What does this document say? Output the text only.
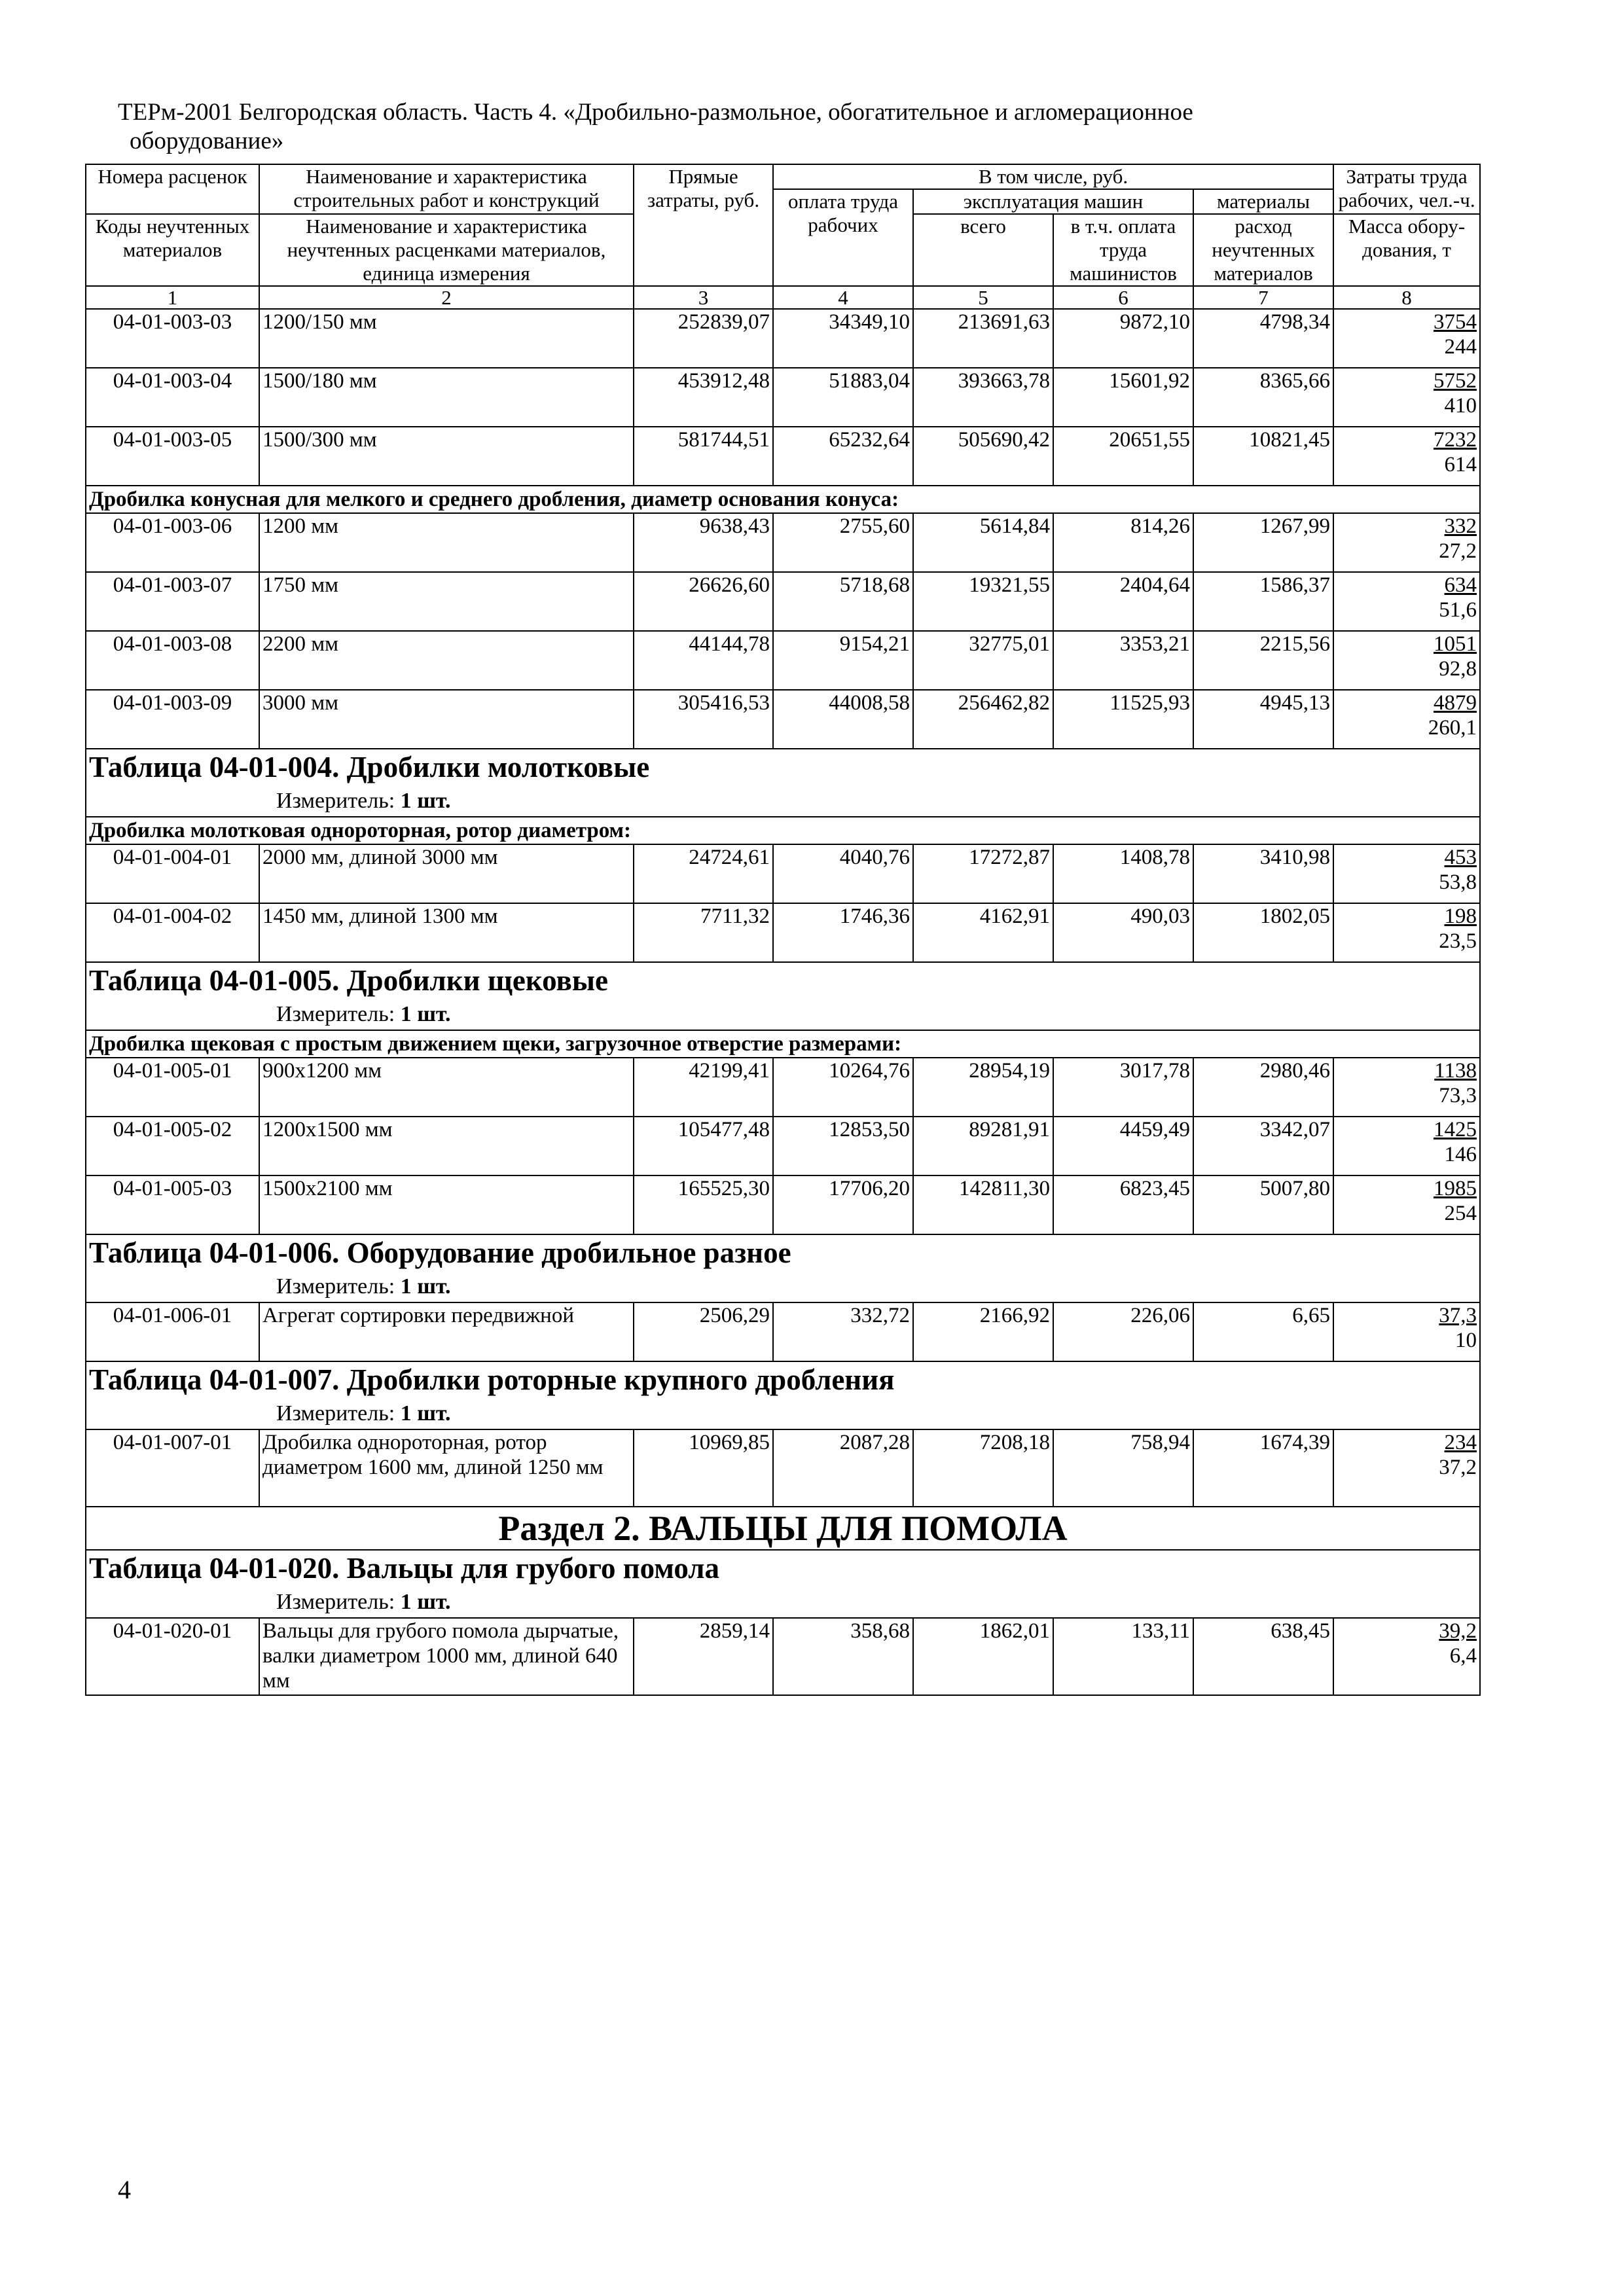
ТЕРм-2001 Белгородская область. Часть 4. «Дробильно-размольное, обогатительное и агломерационное
оборудование»
Номера расценок	Наименование и характеристика строительных работ и конструкций	Прямые затраты, руб.	В том числе, руб.				Затраты труда рабочих, чел.-ч.
			оплата труда рабочих	эксплуатация машин		материалы	
				всего	в т.ч. оплата труда машинистов	расход неучтенных материалов	
Коды неучтенных материалов	Наименование и характеристика неучтенных расценками материалов, единица измерения						
							Масса обору-дования, т
1	2	3	4	5	6	7	8
04-01-003-03	1200/150 мм	252839,07	34349,10	213691,63	9872,10	4798,34	3754
244

04-01-003-04	1500/180 мм	453912,48	51883,04	393663,78	15601,92	8365,66	5752
410

04-01-003-05	1500/300 мм	581744,51	65232,64	505690,42	20651,55	10821,45	7232
614

Дробилка конусная для мелкого и среднего дробления, диаметр основания конуса:							
04-01-003-06	1200 мм	9638,43	2755,60	5614,84	814,26	1267,99	332
27,2

04-01-003-07	1750 мм	26626,60	5718,68	19321,55	2404,64	1586,37	634
51,6

04-01-003-08	2200 мм	44144,78	9154,21	32775,01	3353,21	2215,56	1051
92,8

04-01-003-09	3000 мм	305416,53	44008,58	256462,82	11525,93	4945,13	4879
260,1

Таблица 04-01-004. Дробилки молотковые
Измеритель: 1 шт.							

Дробилка молотковая однороторная, ротор диаметром:							
04-01-004-01	2000 мм, длиной 3000 мм	24724,61	4040,76	17272,87	1408,78	3410,98	453
53,8

04-01-004-02	1450 мм, длиной 1300 мм	7711,32	1746,36	4162,91	490,03	1802,05	198
23,5

Таблица 04-01-005. Дробилки щековые
Измеритель: 1 шт.							

Дробилка щековая с простым движением щеки, загрузочное отверстие размерами:							
04-01-005-01	900х1200 мм	42199,41	10264,76	28954,19	3017,78	2980,46	1138
73,3

04-01-005-02	1200х1500 мм	105477,48	12853,50	89281,91	4459,49	3342,07	1425
146

04-01-005-03	1500х2100 мм	165525,30	17706,20	142811,30	6823,45	5007,80	1985
254

Таблица 04-01-006. Оборудование дробильное разное
Измеритель: 1 шт.							

04-01-006-01	Агрегат сортировки передвижной	2506,29	332,72	2166,92	226,06	6,65	37,3
10

Таблица 04-01-007. Дробилки роторные крупного дробления
Измеритель: 1 шт.							

04-01-007-01	Дробилка однороторная, ротор диаметром 1600 мм, длиной 1250 мм	10969,85	2087,28	7208,18	758,94	1674,39	234
37,2

Раздел 2. ВАЛЬЦЫ ДЛЯ ПОМОЛА							

Таблица 04-01-020. Вальцы для грубого помола
Измеритель: 1 шт.							

04-01-020-01	Вальцы для грубого помола дырчатые, валки диаметром 1000 мм, длиной 640 мм	2859,14	358,68	1862,01	133,11	638,45	39,2
6,4
4
